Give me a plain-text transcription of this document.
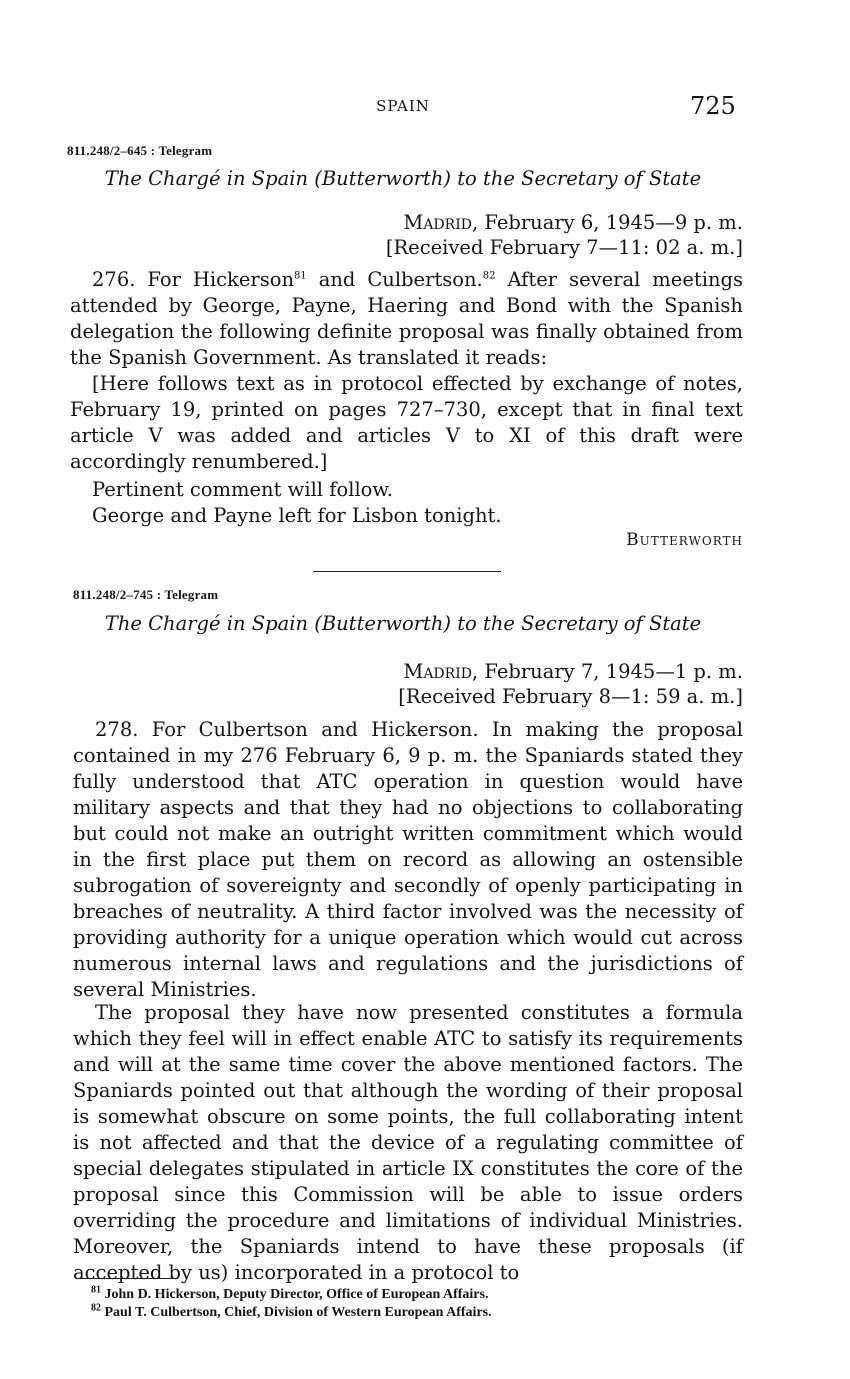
SPAIN	725
811.248/2–645 : Telegram
The Chargé in Spain (Butterworth) to the Secretary of State
Madrid, February 6, 1945—9 p. m.
[Received February 7—11: 02 a. m.]

276. For Hickerson$^{81}$ and Culbertson.$^{82}$ After several meetings attended by George, Payne, Haering and Bond with the Spanish delegation the following definite proposal was finally obtained from the Spanish Government. As translated it reads:

[Here follows text as in protocol effected by exchange of notes, February 19, printed on pages 727–730, except that in final text article V was added and articles V to XI of this draft were accordingly renumbered.]

Pertinent comment will follow.

George and Payne left for Lisbon tonight.

Butterworth
811.248/2–745 : Telegram
The Chargé in Spain (Butterworth) to the Secretary of State
Madrid, February 7, 1945—1 p. m.
[Received February 8—1: 59 a. m.]

278. For Culbertson and Hickerson. In making the proposal contained in my 276 February 6, 9 p. m. the Spaniards stated they fully understood that ATC operation in question would have military aspects and that they had no objections to collaborating but could not make an outright written commitment which would in the first place put them on record as allowing an ostensible subrogation of sovereignty and secondly of openly participating in breaches of neutrality. A third factor involved was the necessity of providing authority for a unique operation which would cut across numerous internal laws and regulations and the jurisdictions of several Ministries.

The proposal they have now presented constitutes a formula which they feel will in effect enable ATC to satisfy its requirements and will at the same time cover the above mentioned factors. The Spaniards pointed out that although the wording of their proposal is somewhat obscure on some points, the full collaborating intent is not affected and that the device of a regulating committee of special delegates stipulated in article IX constitutes the core of the proposal since this Commission will be able to issue orders overriding the procedure and limitations of individual Ministries. Moreover, the Spaniards intend to have these proposals (if accepted by us) incorporated in a protocol to

$^{81}$ John D. Hickerson, Deputy Director, Office of European Affairs.
$^{82}$ Paul T. Culbertson, Chief, Division of Western European Affairs.
